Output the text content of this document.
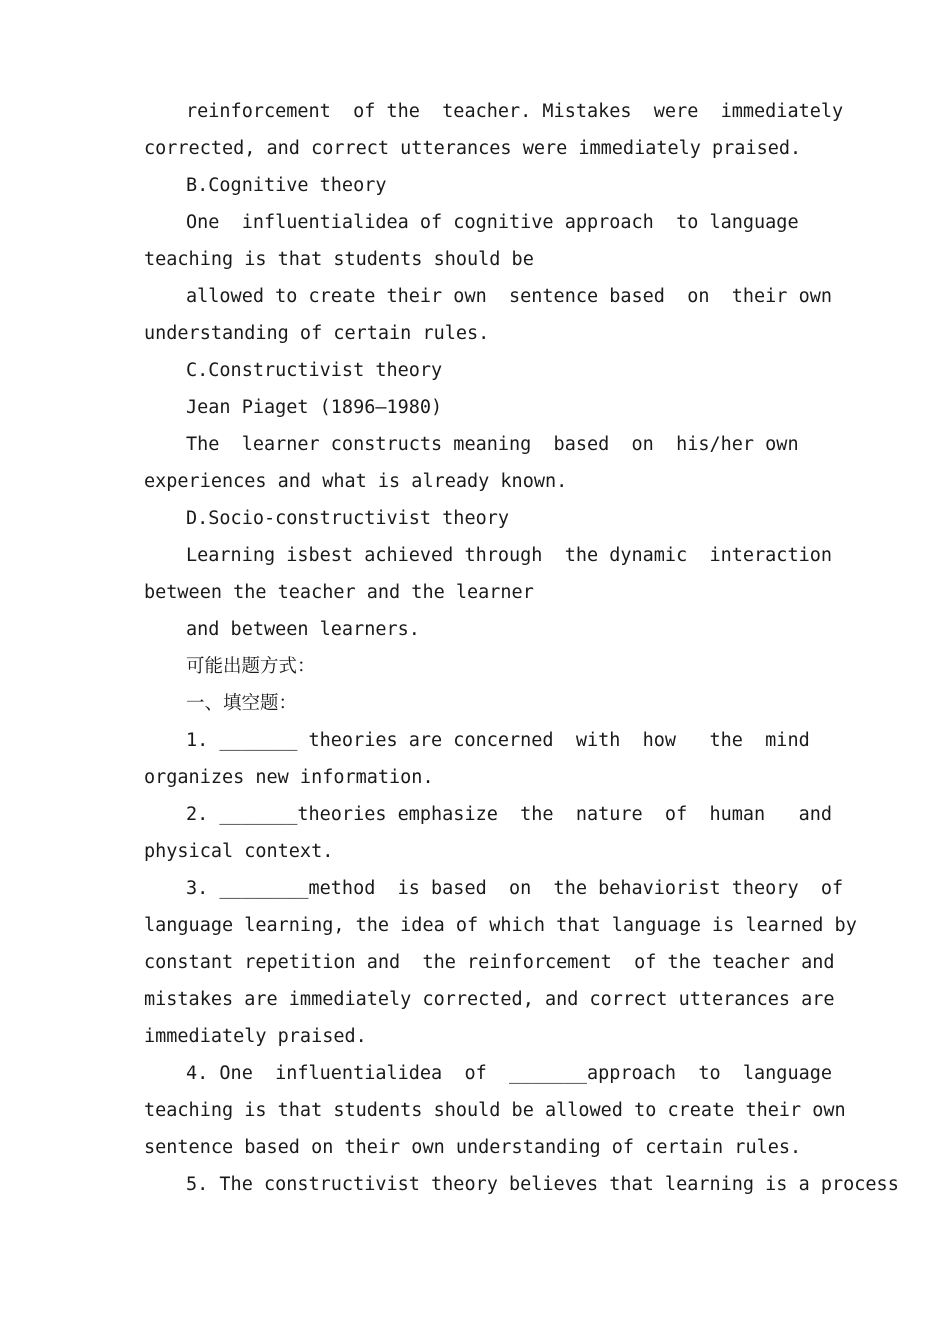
reinforcement  of the  teacher. Mistakes  were  immediately
corrected, and correct utterances were immediately praised.
B.Cognitive theory
One  influentialidea of cognitive approach  to language
teaching is that students should be
allowed to create their own  sentence based  on  their own
understanding of certain rules.
C.Constructivist theory
Jean Piaget (1896—1980)
The  learner constructs meaning  based  on  his/her own
experiences and what is already known.
D.Socio-constructivist theory
Learning isbest achieved through  the dynamic  interaction
between the teacher and the learner
and between learners.
可能出题方式：
一、填空题：
1. _______ theories are concerned  with  how   the  mind
organizes new information.
2. _______theories emphasize  the  nature  of  human   and
physical context.
3. ________method  is based  on  the behaviorist theory  of
language learning, the idea of which that language is learned by
constant repetition and  the reinforcement  of the teacher and
mistakes are immediately corrected, and correct utterances are
immediately praised.
4. One  influentialidea  of  _______approach  to  language
teaching is that students should be allowed to create their own
sentence based on their own understanding of certain rules.
5. The constructivist theory believes that learning is a process
